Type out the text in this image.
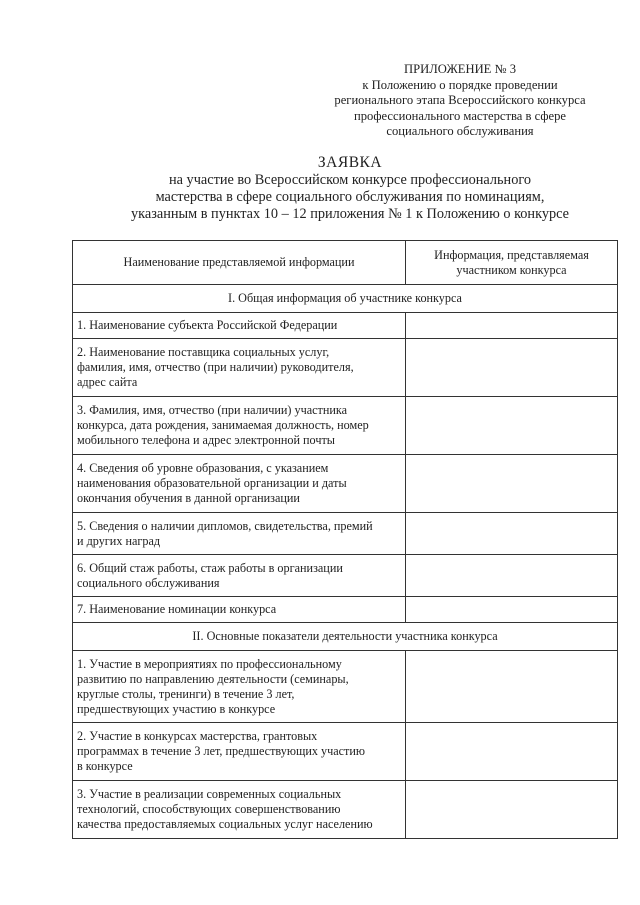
ПРИЛОЖЕНИЕ № 3
к Положению о порядке проведении
регионального этапа Всероссийского конкурса
профессионального мастерства в сфере
социального обслуживания
ЗАЯВКА
на участие во Всероссийском конкурсе профессионального
мастерства в сфере социального обслуживания по номинациям,
указанным в пунктах 10 – 12 приложения № 1 к Положению о конкурсе
Наименование представляемой информации	Информация, представляемая
участником конкурса

I. Общая информация об участнике конкурса	

1. Наименование субъекта Российской Федерации	

2. Наименование поставщика социальных услуг,
фамилия, имя, отчество (при наличии) руководителя,
адрес сайта	

3. Фамилия, имя, отчество (при наличии) участника
конкурса, дата рождения, занимаемая должность, номер
мобильного телефона и адрес электронной почты	

4. Сведения об уровне образования, с указанием
наименования образовательной организации и даты
окончания обучения в данной организации	

5. Сведения о наличии дипломов, свидетельства, премий
и других наград	

6. Общий стаж работы, стаж работы в организации
социального обслуживания	

7. Наименование номинации конкурса	

II. Основные показатели деятельности участника конкурса	

1. Участие в мероприятиях по профессиональному
развитию по направлению деятельности (семинары,
круглые столы, тренинги) в течение 3 лет,
предшествующих участию в конкурсе	

2. Участие в конкурсах мастерства, грантовых
программах в течение 3 лет, предшествующих участию
в конкурсе	

3. Участие в реализации современных социальных
технологий, способствующих совершенствованию
качества предоставляемых социальных услуг населению	
